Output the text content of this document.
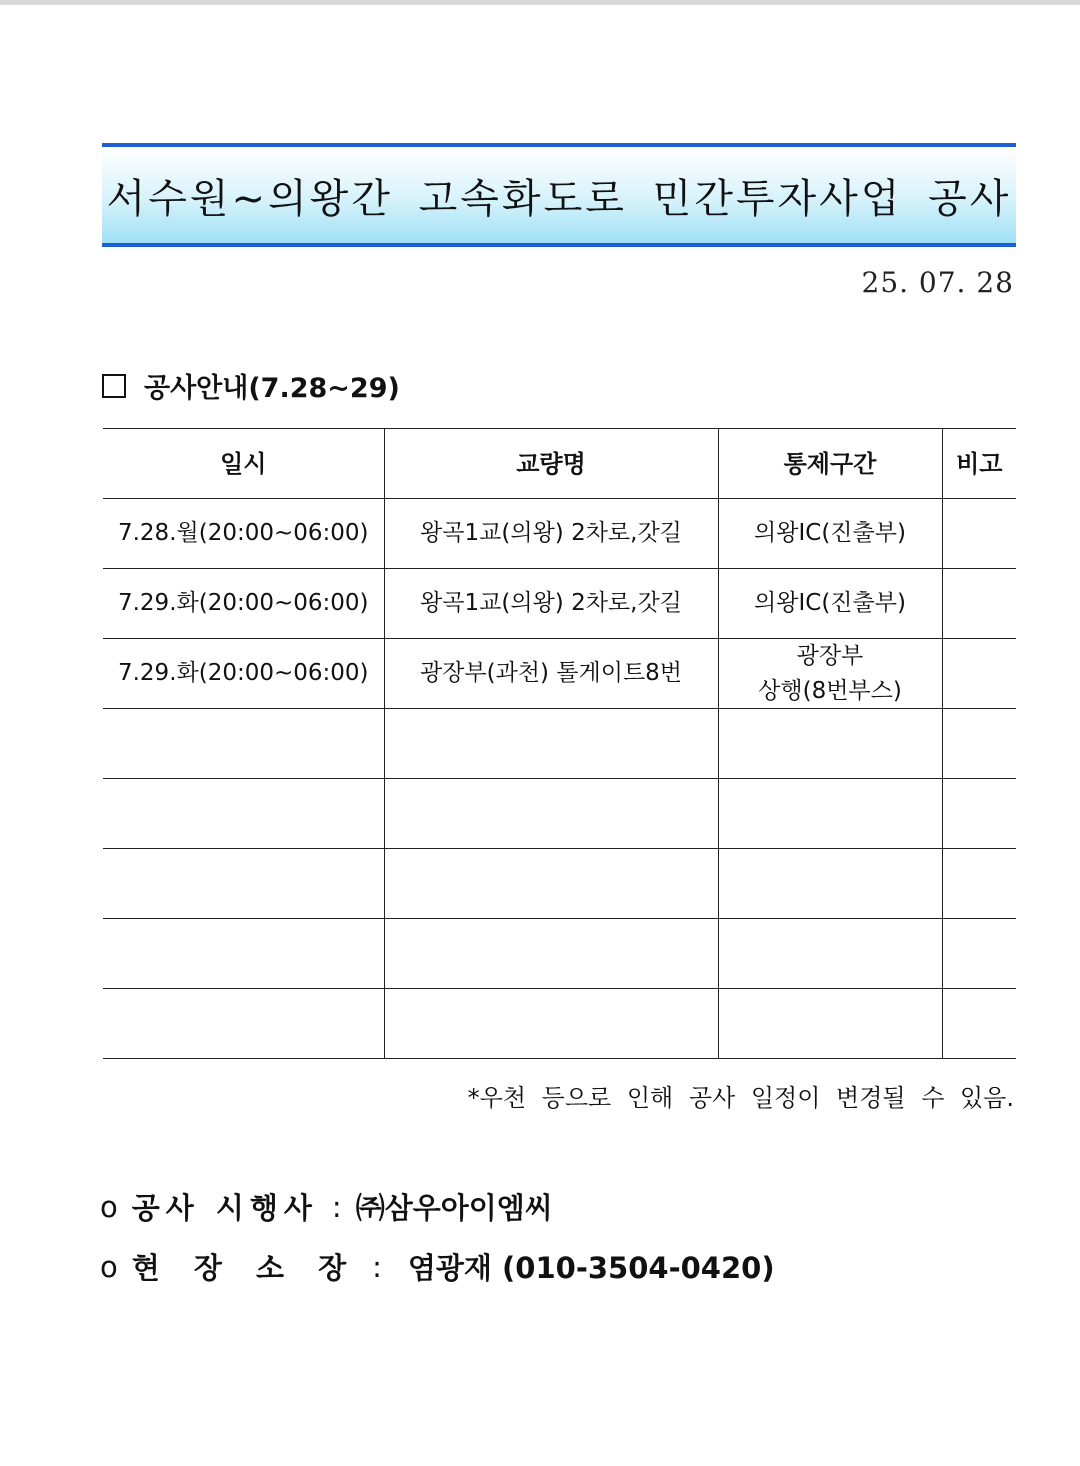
서수원~의왕간 고속화도로 민간투자사업 공사
25. 07. 28
공사안내(7.28~29)
일시	교량명	통제구간	비고
7.28.월(20:00~06:00)	왕곡1교(의왕) 2차로,갓길	의왕IC(진출부)	
7.29.화(20:00~06:00)	왕곡1교(의왕) 2차로,갓길	의왕IC(진출부)	
7.29.화(20:00~06:00)	광장부(과천) 톨게이트8번	광장부
상행(8번부스)	

*우천 등으로 인해 공사 일정이 변경될 수 있음.
o 공사 시행사 : ㈜삼우아이엠씨
o 현 장 소 장 : 염광재 (010-3504-0420)
